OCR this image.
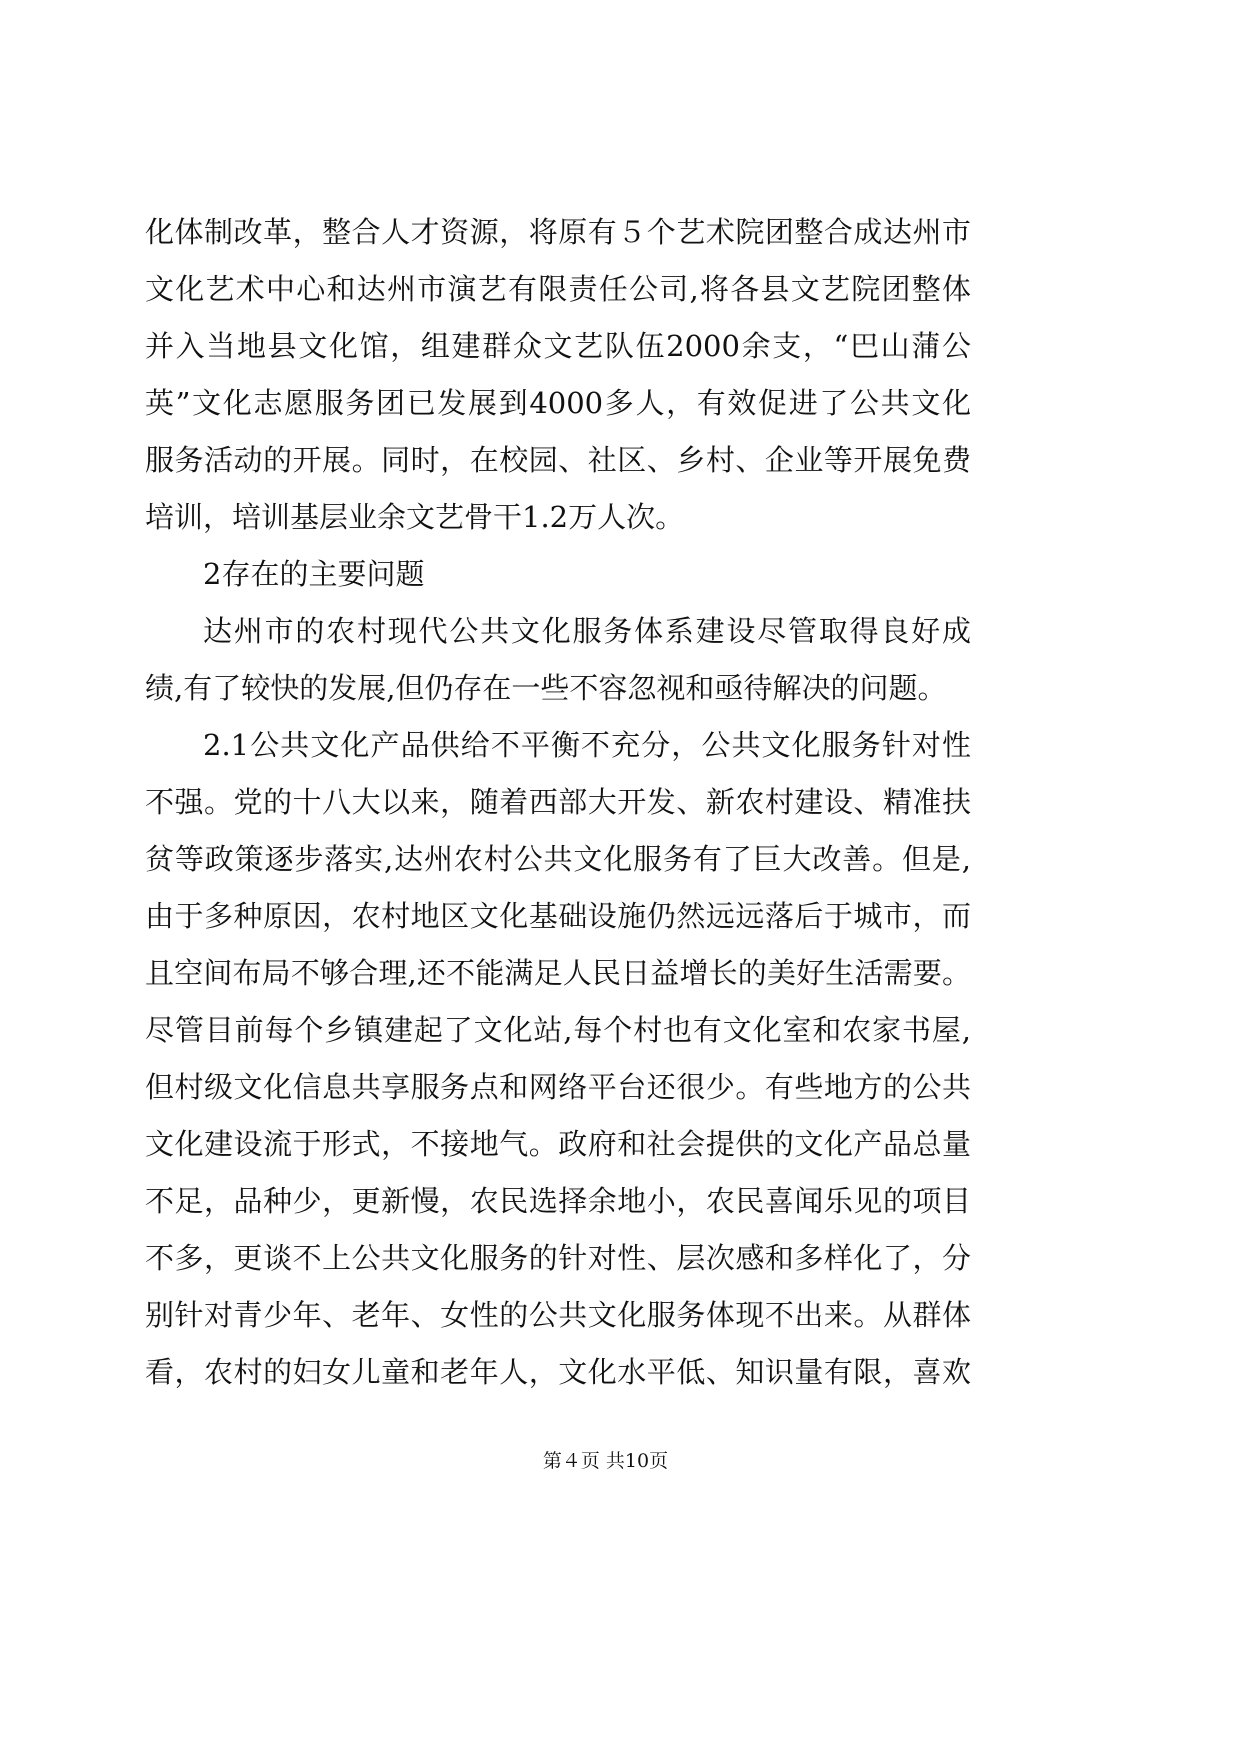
化体制改革，整合人才资源，将原有５个艺术院团整合成达州市
文化艺术中心和达州市演艺有限责任公司,将各县文艺院团整体
并入当地县文化馆，组建群众文艺队伍2000余支，“巴山蒲公
英”文化志愿服务团已发展到4000多人，有效促进了公共文化
服务活动的开展。同时，在校园、社区、乡村、企业等开展免费
培训，培训基层业余文艺骨干1.2万人次。
2存在的主要问题
达州市的农村现代公共文化服务体系建设尽管取得良好成
绩,有了较快的发展,但仍存在一些不容忽视和亟待解决的问题。
2.1公共文化产品供给不平衡不充分，公共文化服务针对性
不强。党的十八大以来，随着西部大开发、新农村建设、精准扶
贫等政策逐步落实,达州农村公共文化服务有了巨大改善。但是,
由于多种原因，农村地区文化基础设施仍然远远落后于城市，而
且空间布局不够合理,还不能满足人民日益增长的美好生活需要。
尽管目前每个乡镇建起了文化站,每个村也有文化室和农家书屋,
但村级文化信息共享服务点和网络平台还很少。有些地方的公共
文化建设流于形式，不接地气。政府和社会提供的文化产品总量
不足，品种少，更新慢，农民选择余地小，农民喜闻乐见的项目
不多，更谈不上公共文化服务的针对性、层次感和多样化了，分
别针对青少年、老年、女性的公共文化服务体现不出来。从群体
看，农村的妇女儿童和老年人，文化水平低、知识量有限，喜欢
第４页 共10页
